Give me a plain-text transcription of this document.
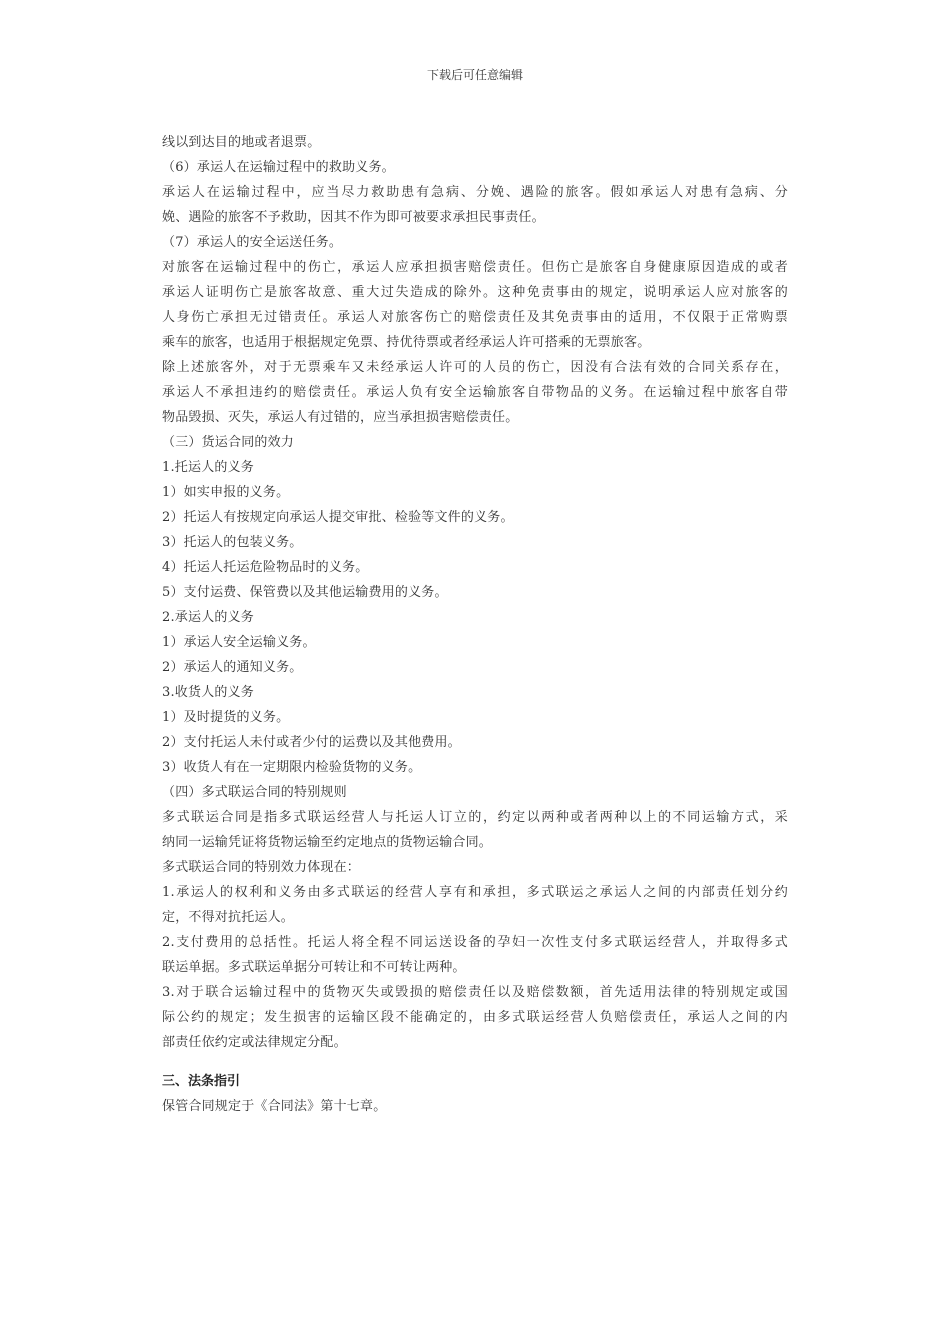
下载后可任意编辑
线以到达目的地或者退票。
（6）承运人在运输过程中的救助义务。
承运人在运输过程中，应当尽力救助患有急病、分娩、遇险的旅客。假如承运人对患有急病、分
娩、遇险的旅客不予救助，因其不作为即可被要求承担民事责任。
（7）承运人的安全运送任务。
对旅客在运输过程中的伤亡，承运人应承担损害赔偿责任。但伤亡是旅客自身健康原因造成的或者
承运人证明伤亡是旅客故意、重大过失造成的除外。这种免责事由的规定，说明承运人应对旅客的
人身伤亡承担无过错责任。承运人对旅客伤亡的赔偿责任及其免责事由的适用，不仅限于正常购票
乘车的旅客，也适用于根据规定免票、持优待票或者经承运人许可搭乘的无票旅客。
除上述旅客外，对于无票乘车又未经承运人许可的人员的伤亡，因没有合法有效的合同关系存在，
承运人不承担违约的赔偿责任。承运人负有安全运输旅客自带物品的义务。在运输过程中旅客自带
物品毁损、灭失，承运人有过错的，应当承担损害赔偿责任。
（三）货运合同的效力
1.托运人的义务
1）如实申报的义务。
2）托运人有按规定向承运人提交审批、检验等文件的义务。
3）托运人的包装义务。
4）托运人托运危险物品时的义务。
5）支付运费、保管费以及其他运输费用的义务。
2.承运人的义务
1）承运人安全运输义务。
2）承运人的通知义务。
3.收货人的义务
1）及时提货的义务。
2）支付托运人未付或者少付的运费以及其他费用。
3）收货人有在一定期限内检验货物的义务。
（四）多式联运合同的特别规则
多式联运合同是指多式联运经营人与托运人订立的，约定以两种或者两种以上的不同运输方式，采
纳同一运输凭证将货物运输至约定地点的货物运输合同。
多式联运合同的特别效力体现在：
1.承运人的权利和义务由多式联运的经营人享有和承担，多式联运之承运人之间的内部责任划分约
定，不得对抗托运人。
2.支付费用的总括性。托运人将全程不同运送设备的孕妇一次性支付多式联运经营人，并取得多式
联运单据。多式联运单据分可转让和不可转让两种。
3.对于联合运输过程中的货物灭失或毁损的赔偿责任以及赔偿数额，首先适用法律的特别规定或国
际公约的规定；发生损害的运输区段不能确定的，由多式联运经营人负赔偿责任，承运人之间的内
部责任依约定或法律规定分配。
三、法条指引
保管合同规定于《合同法》第十七章。
